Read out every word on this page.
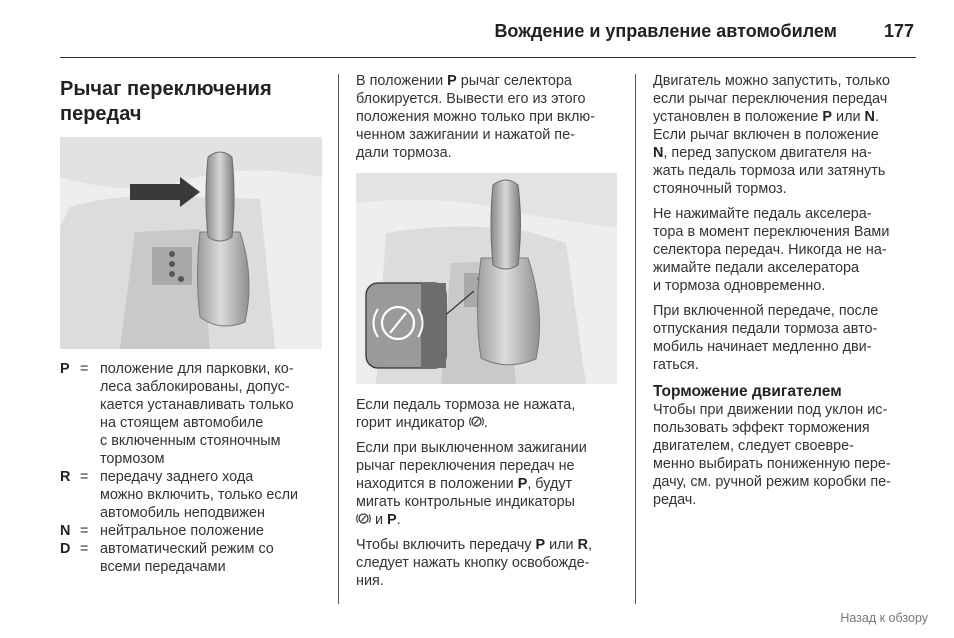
Вождение и управление автомобилем	177
Рычаг переключения
передач
P = положение для парковки, ко-
леса заблокированы, допус-
кается устанавливать только
на стоящем автомобиле
с включенным стояночным
тормозом
R = передачу заднего хода
можно включить, только если
автомобиль неподвижен
N = нейтральное положение
D = автоматический режим со
всеми передачами

В положении P рычаг селектора
блокируется. Вывести его из этого
положения можно только при вклю-
ченном зажигании и нажатой пе-
дали тормоза.

Если педаль тормоза не нажата,
горит индикатор .

Если при выключенном зажигании
рычаг переключения передач не
находится в положении P, будут
мигать контрольные индикаторы
и P.

Чтобы включить передачу P или R,
следует нажать кнопку освобожде-
ния.

Двигатель можно запустить, только
если рычаг переключения передач
установлен в положение P или N.
Если рычаг включен в положение
N, перед запуском двигателя на-
жать педаль тормоза или затянуть
стояночный тормоз.

Не нажимайте педаль акселера-
тора в момент переключения Вами
селектора передач. Никогда не на-
жимайте педали акселератора
и тормоза одновременно.

При включенной передаче, после
отпускания педали тормоза авто-
мобиль начинает медленно дви-
гаться.

Торможение двигателем

Чтобы при движении под уклон ис-
пользовать эффект торможения
двигателем, следует своевре-
менно выбирать пониженную пере-
дачу, см. ручной режим коробки пе-
редач.

Назад к обзору
